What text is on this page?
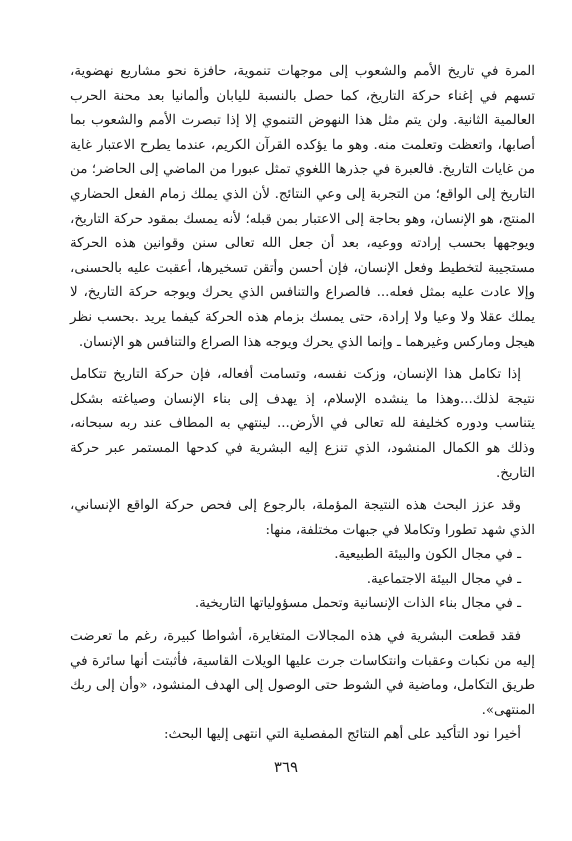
المرة في تاريخ الأمم والشعوب إلى موجهات تنموية، حافزة نحو مشاريع نهضوية، تسهم في إغناء حركة التاريخ، كما حصل بالنسبة لليابان وألمانيا بعد محنة الحرب العالمية الثانية. ولن يتم مثل هذا النهوض التنموي إلا إذا تبصرت الأمم والشعوب بما أصابها، واتعظت وتعلمت منه. وهو ما يؤكده القرآن الكريم، عندما يطرح الاعتبار غاية من غايات التاريخ. فالعبرة في جذرها اللغوي تمثل عبورا من الماضي إلى الحاضر؛ من التاريخ إلى الواقع؛ من التجربة إلى وعي النتائج. لأن الذي يملك زمام الفعل الحضاري المنتج، هو الإنسان، وهو بحاجة إلى الاعتبار بمن قبله؛ لأنه يمسك بمقود حركة التاريخ، ويوجهها بحسب إرادته ووعيه، بعد أن جعل الله تعالى سنن وقوانين هذه الحركة مستجيبة لتخطيط وفعل الإنسان، فإن أحسن وأتقن تسخيرها، أعقبت عليه بالحسنى، وإلا عادت عليه بمثل فعله... فالصراع والتنافس الذي يحرك ويوجه حركة التاريخ، لا يملك عقلا ولا وعيا ولا إرادة، حتى يمسك بزمام هذه الحركة كيفما يريد .بحسب نظر هيجل وماركس وغيرهما ـ وإنما الذي يحرك ويوجه هذا الصراع والتنافس هو الإنسان.

إذا تكامل هذا الإنسان، وزكت نفسه، وتسامت أفعاله، فإن حركة التاريخ تتكامل نتيجة لذلك...وهذا ما ينشده الإسلام، إذ يهدف إلى بناء الإنسان وصياغته بشكل يتناسب ودوره كخليفة لله تعالى في الأرض... لينتهي به المطاف عند ربه سبحانه، وذلك هو الكمال المنشود، الذي تنزع إليه البشرية في كدحها المستمر عبر حركة التاريخ.

وقد عزز البحث هذه النتيجة المؤملة، بالرجوع إلى فحص حركة الواقع الإنساني، الذي شهد تطورا وتكاملا في جبهات مختلفة، منها:

ـ في مجال الكون والبيئة الطبيعية.

ـ في مجال البيئة الاجتماعية.

ـ في مجال بناء الذات الإنسانية وتحمل مسؤولياتها التاريخية.

فقد قطعت البشرية في هذه المجالات المتغايرة، أشواطا كبيرة، رغم ما تعرضت إليه من نكبات وعقبات وانتكاسات جرت عليها الويلات القاسية، فأثبتت أنها سائرة في طريق التكامل، وماضية في الشوط حتى الوصول إلى الهدف المنشود، «وأن إلى ربك المنتهى».

أخيرا نود التأكيد على أهم النتائج المفصلية التي انتهى إليها البحث:

٣٦٩
